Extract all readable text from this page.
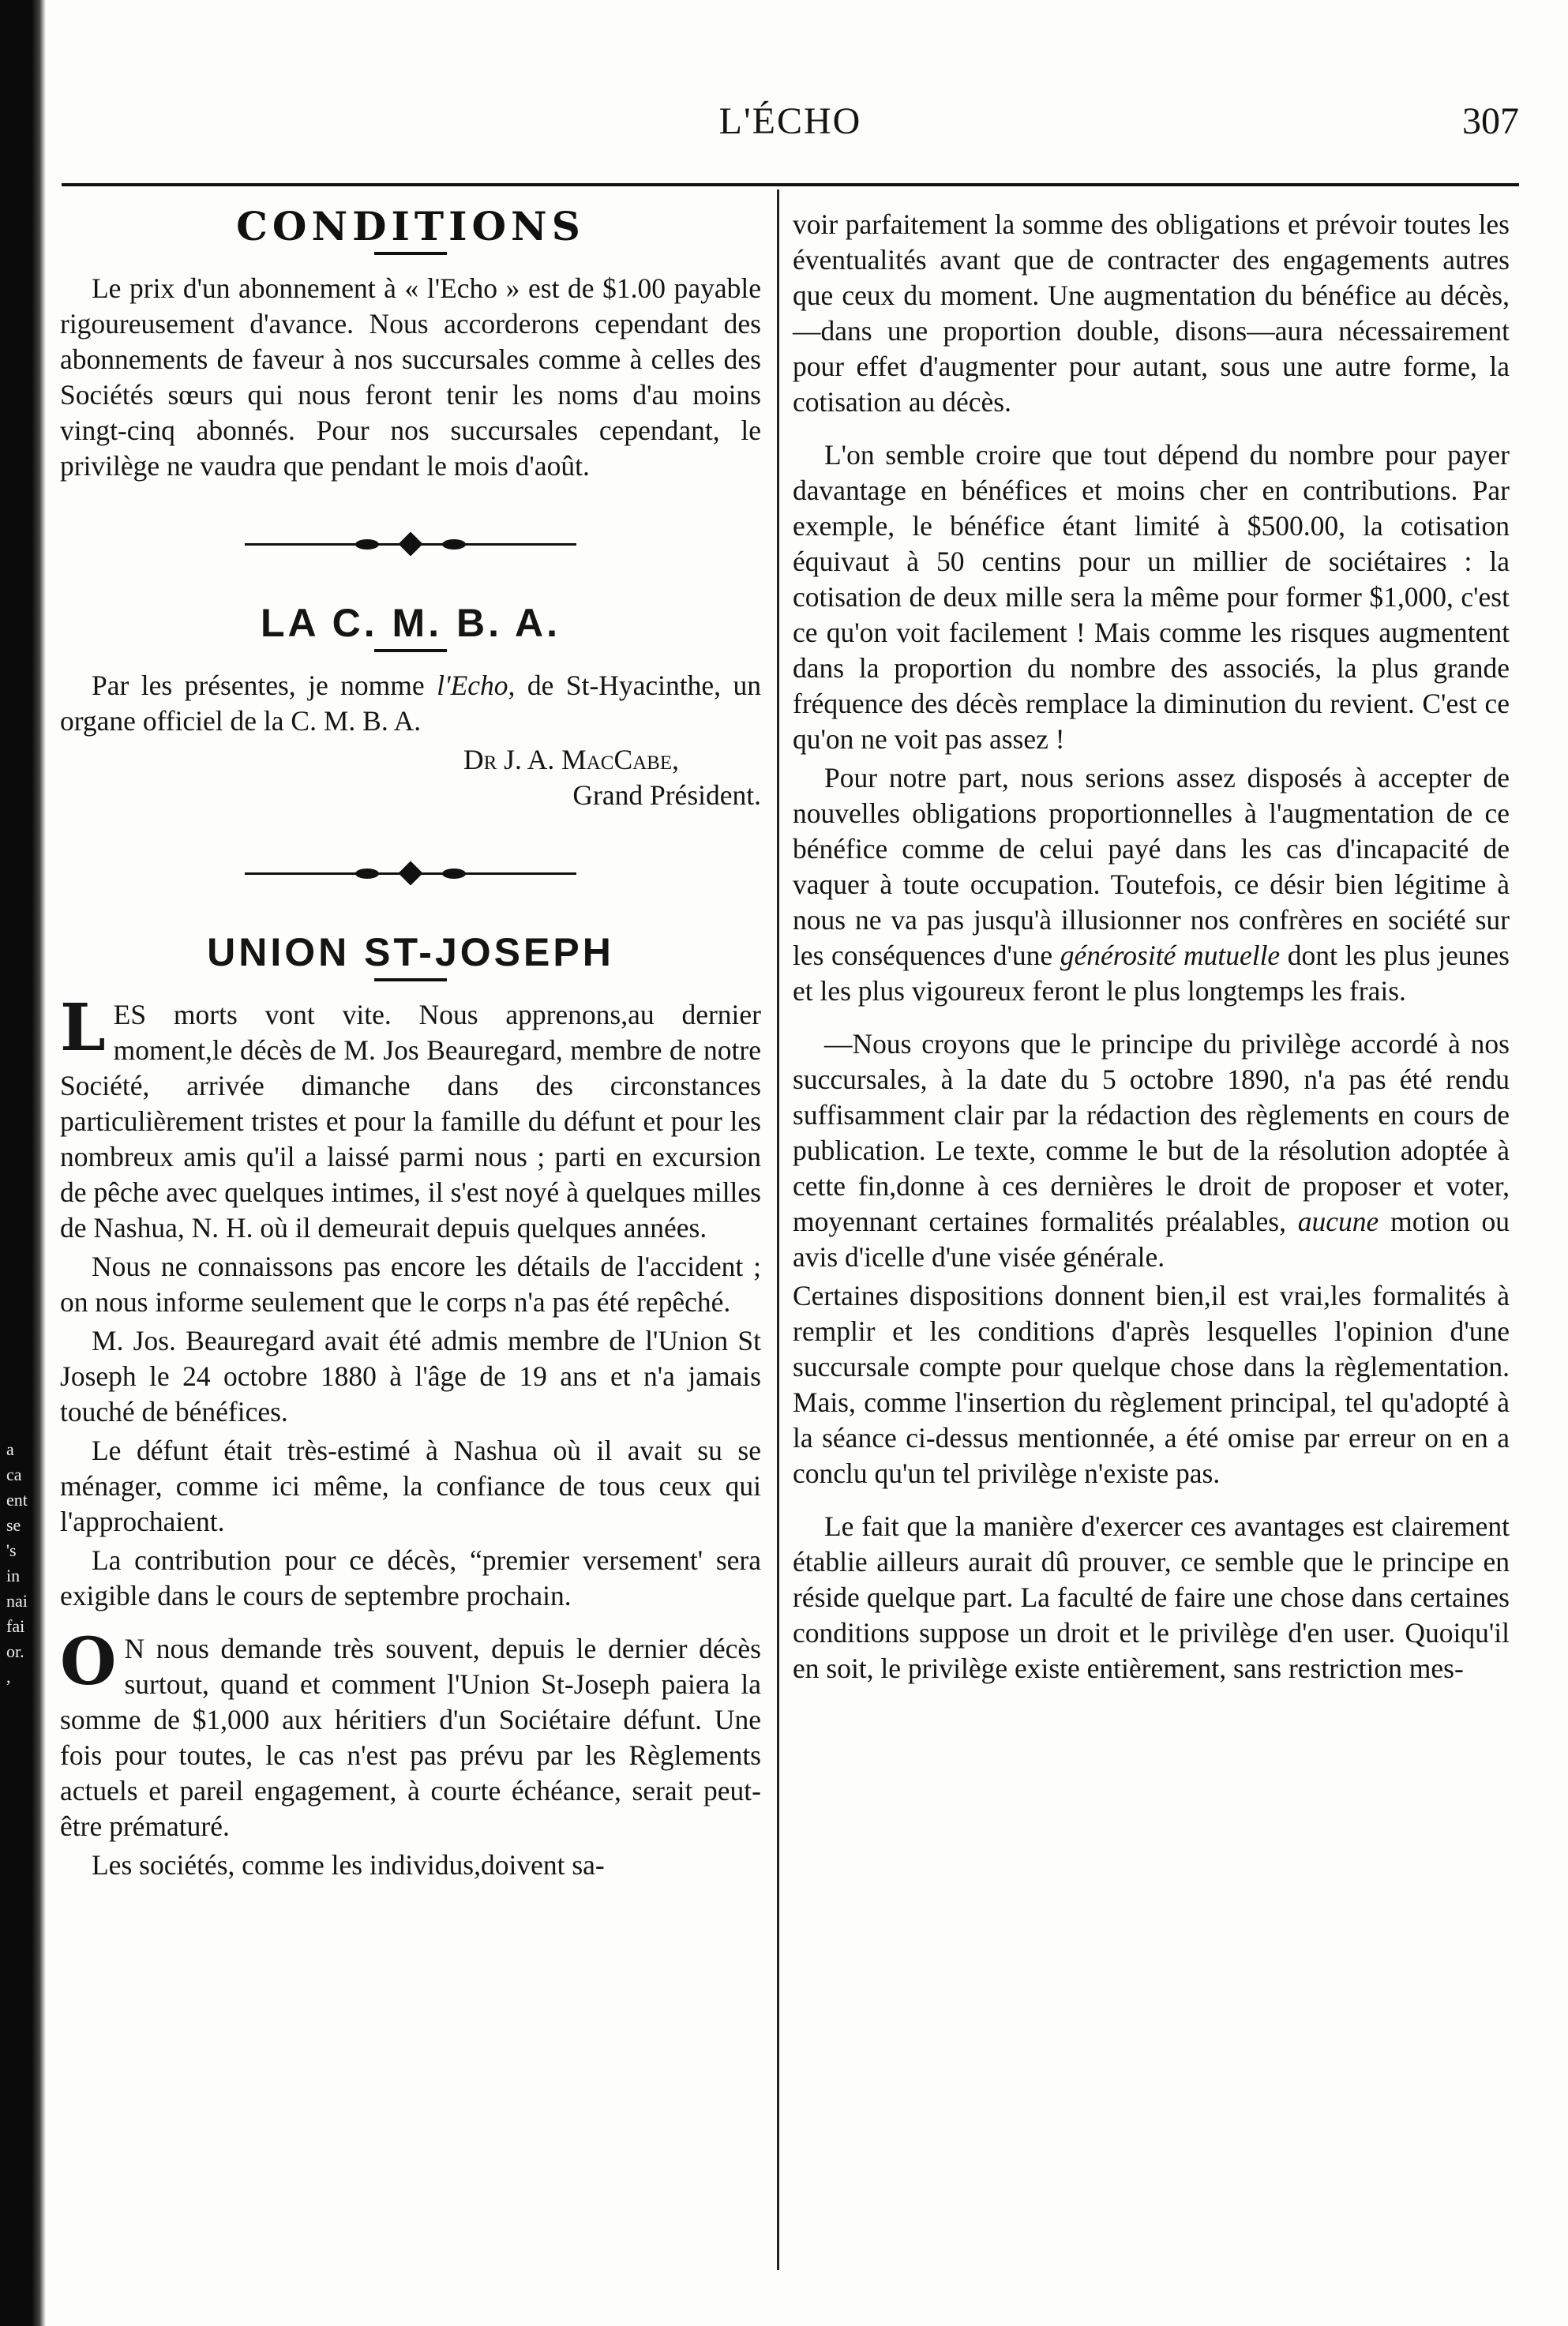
a
ca
ent
se
's
in
nai
fai
or.
,
L'ÉCHO	307
CONDITIONS

Le prix d'un abonnement à « l'Echo » est de $1.00 payable rigoureusement d'avance. Nous accorderons cependant des abonnements de faveur à nos succursales comme à celles des Sociétés sœurs qui nous feront tenir les noms d'au moins vingt-cinq abonnés. Pour nos succursales cependant, le privilège ne vaudra que pendant le mois d'août.

LA C. M. B. A.

Par les présentes, je nomme l'Echo, de St-Hyacinthe, un organe officiel de la C. M. B. A.

Dr J. A. MacCabe,
Grand Président.

UNION ST-JOSEPH

LES morts vont vite. Nous apprenons,au dernier moment,le décès de M. Jos Beauregard, membre de notre Société, arrivée dimanche dans des circonstances particulièrement tristes et pour la famille du défunt et pour les nombreux amis qu'il a laissé parmi nous ; parti en excursion de pêche avec quelques intimes, il s'est noyé à quelques milles de Nashua, N. H. où il demeurait depuis quelques années.

Nous ne connaissons pas encore les détails de l'accident ; on nous informe seulement que le corps n'a pas été repêché.

M. Jos. Beauregard avait été admis membre de l'Union St Joseph le 24 octobre 1880 à l'âge de 19 ans et n'a jamais touché de bénéfices.

Le défunt était très-estimé à Nashua où il avait su se ménager, comme ici même, la confiance de tous ceux qui l'approchaient.

La contribution pour ce décès, “premier versement' sera exigible dans le cours de septembre prochain.

O N nous demande très souvent, depuis le dernier décès surtout, quand et comment l'Union St-Joseph paiera la somme de $1,000 aux héritiers d'un Sociétaire défunt. Une fois pour toutes, le cas n'est pas prévu par les Règlements actuels et pareil engagement, à courte échéance, serait peut-être prématuré.

Les sociétés, comme les individus,doivent sa-

voir parfaitement la somme des obligations et prévoir toutes les éventualités avant que de contracter des engagements autres que ceux du moment. Une augmentation du bénéfice au décès,—dans une proportion double, disons—aura nécessairement pour effet d'augmenter pour autant, sous une autre forme, la cotisation au décès.

L'on semble croire que tout dépend du nombre pour payer davantage en bénéfices et moins cher en contributions. Par exemple, le bénéfice étant limité à $500.00, la cotisation équivaut à 50 centins pour un millier de sociétaires : la cotisation de deux mille sera la même pour former $1,000, c'est ce qu'on voit facilement ! Mais comme les risques augmentent dans la proportion du nombre des associés, la plus grande fréquence des décès remplace la diminution du revient. C'est ce qu'on ne voit pas assez !

Pour notre part, nous serions assez disposés à accepter de nouvelles obligations proportionnelles à l'augmentation de ce bénéfice comme de celui payé dans les cas d'incapacité de vaquer à toute occupation. Toutefois, ce désir bien légitime à nous ne va pas jusqu'à illusionner nos confrères en société sur les conséquences d'une générosité mutuelle dont les plus jeunes et les plus vigoureux feront le plus longtemps les frais.

—Nous croyons que le principe du privilège accordé à nos succursales, à la date du 5 octobre 1890, n'a pas été rendu suffisamment clair par la rédaction des règlements en cours de publication. Le texte, comme le but de la résolution adoptée à cette fin,donne à ces dernières le droit de proposer et voter, moyennant certaines formalités préalables, aucune motion ou avis d'icelle d'une visée générale.

Certaines dispositions donnent bien,il est vrai,les formalités à remplir et les conditions d'après lesquelles l'opinion d'une succursale compte pour quelque chose dans la règlementation. Mais, comme l'insertion du règlement principal, tel qu'adopté à la séance ci-dessus mentionnée, a été omise par erreur on en a conclu qu'un tel privilège n'existe pas.

Le fait que la manière d'exercer ces avantages est clairement établie ailleurs aurait dû prouver, ce semble que le principe en réside quelque part. La faculté de faire une chose dans certaines conditions suppose un droit et le privilège d'en user. Quoiqu'il en soit, le privilège existe entièrement, sans restriction mes-
